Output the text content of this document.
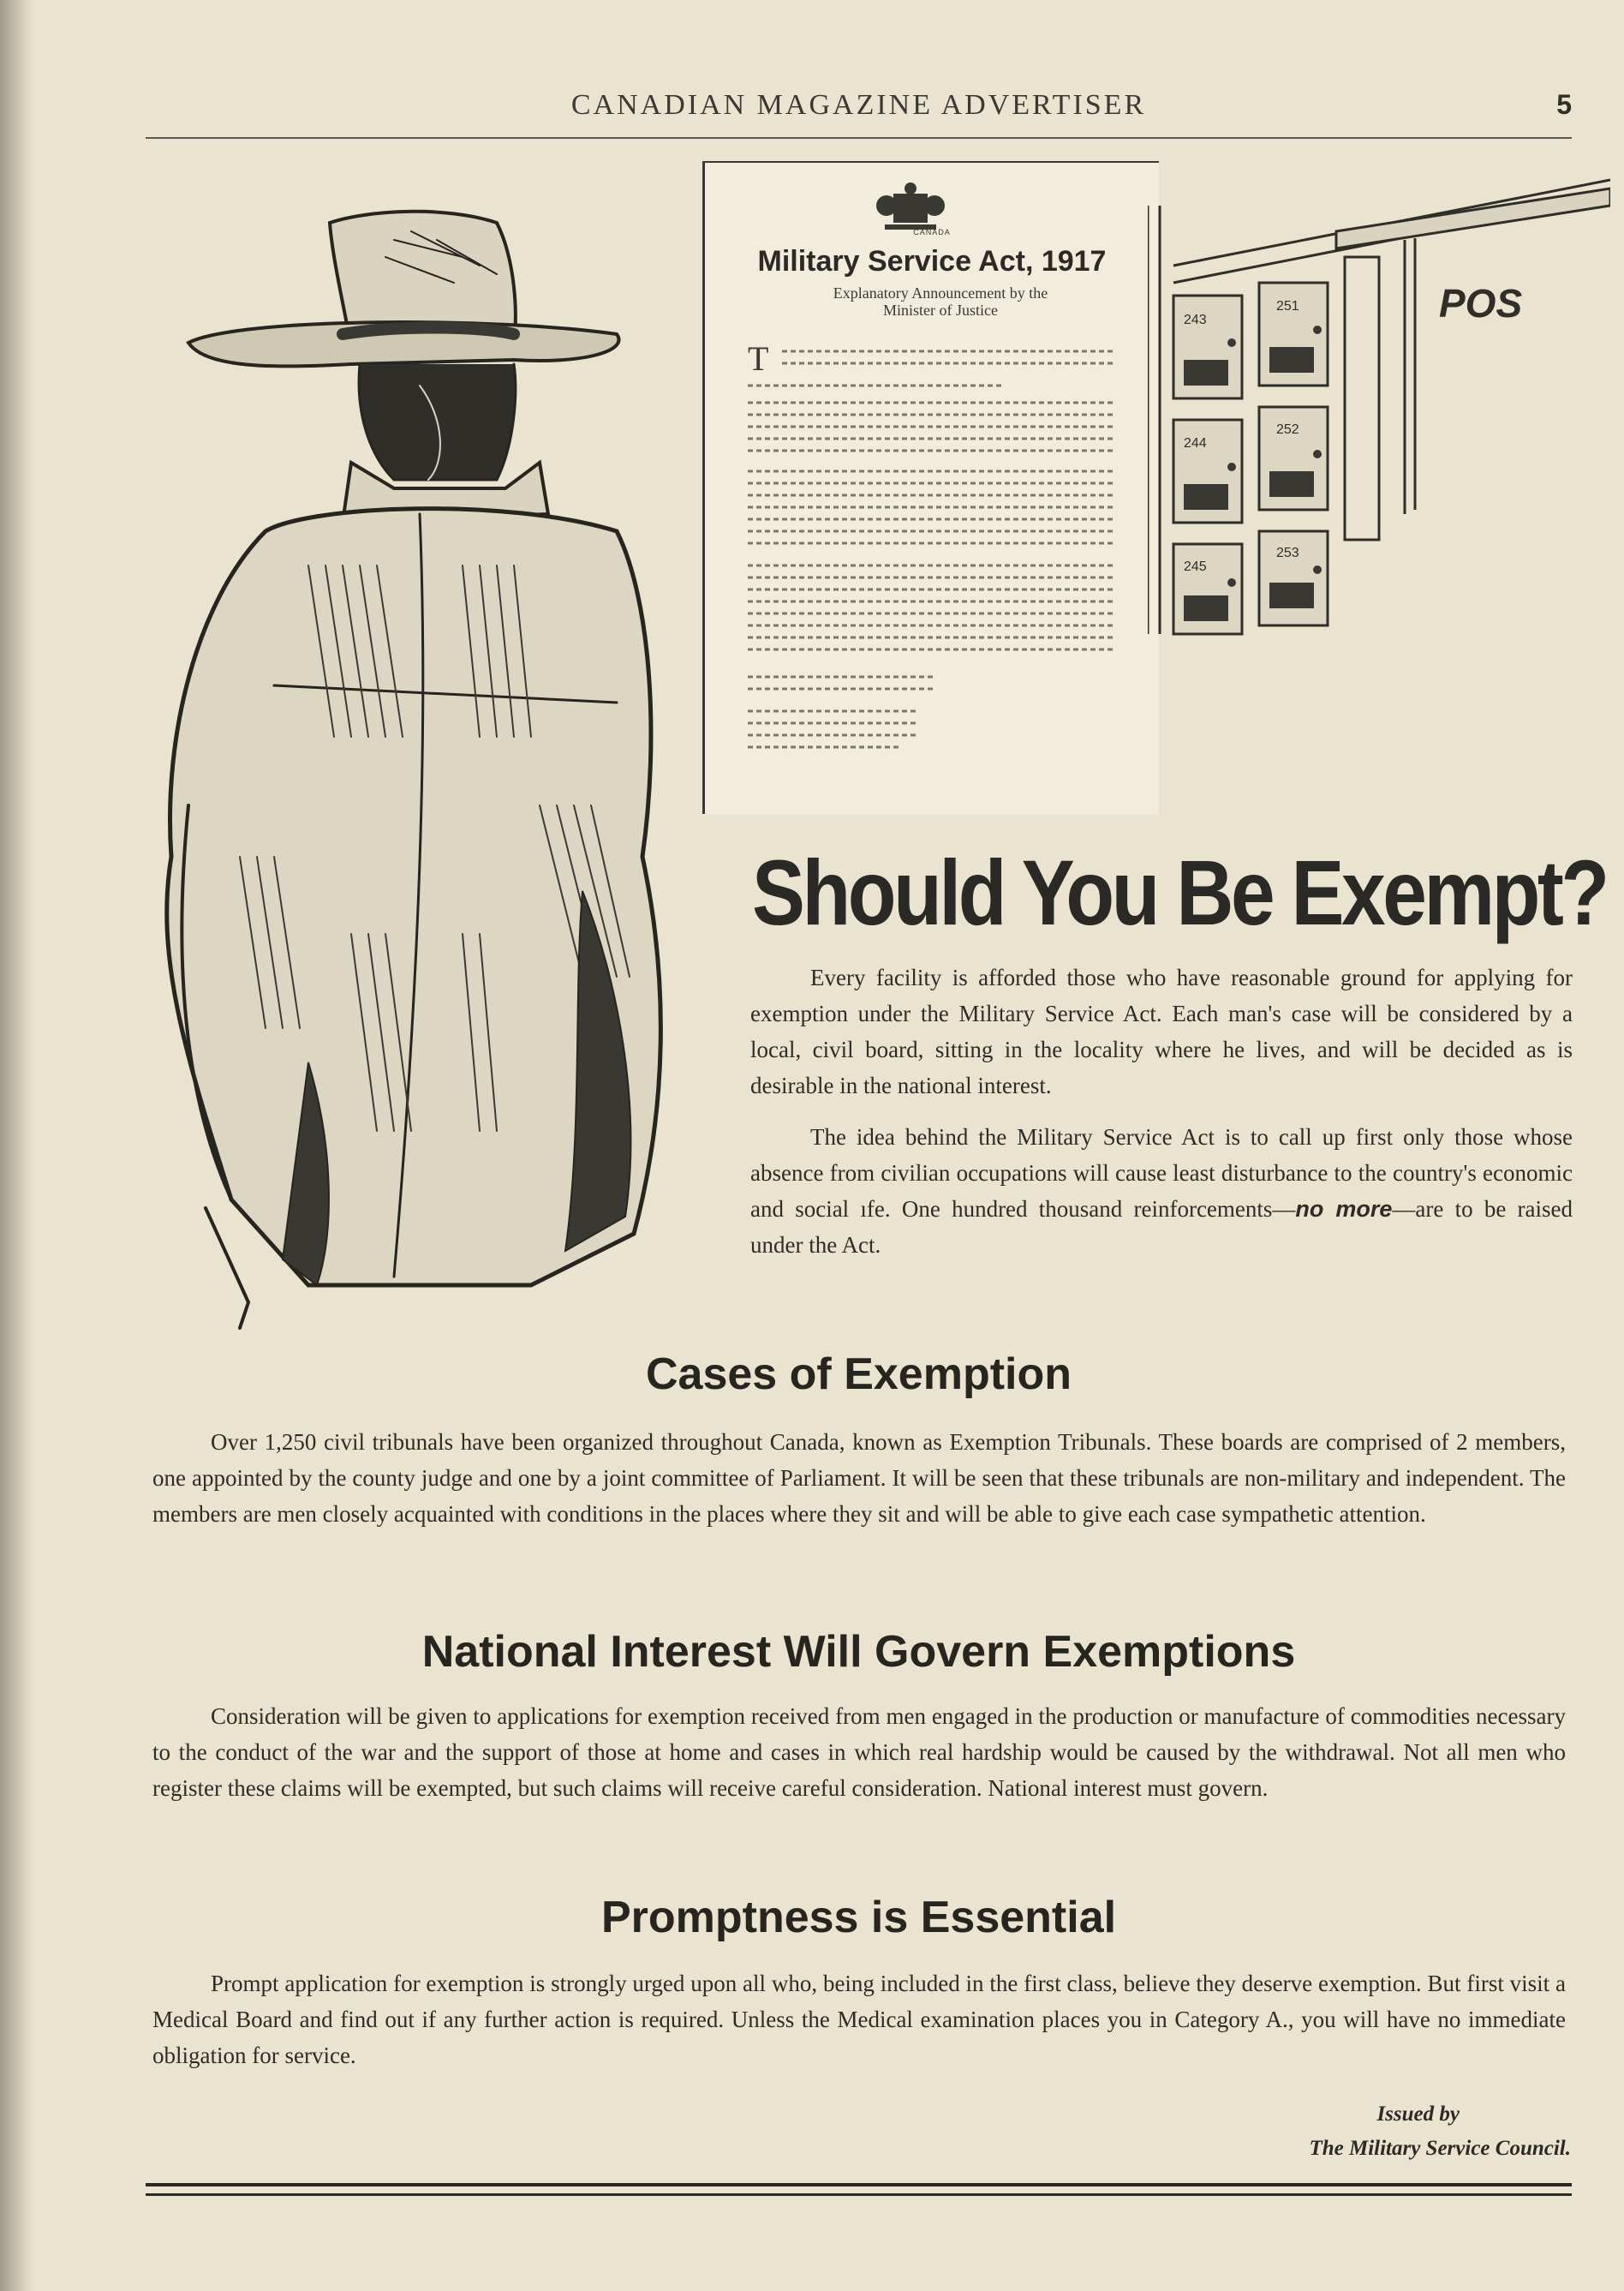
CANADIAN MAGAZINE ADVERTISER	5
CANADA
Military Service Act, 1917
Explanatory Announcement by the
Minister of Justice
T
243
251
244
252
245
253
POS
Should You Be Exempt?

Every facility is afforded those who have reasonable ground for applying for exemption under the Military Service Act. Each man's case will be considered by a local, civil board, sitting in the locality where he lives, and will be decided as is desirable in the national interest.

The idea behind the Military Service Act is to call up first only those whose absence from civilian occupations will cause least disturbance to the country's economic and social ıfe. One hundred thousand reinforcements—no more—are to be raised under the Act.

Cases of Exemption

Over 1,250 civil tribunals have been organized throughout Canada, known as Exemption Tribunals. These boards are comprised of 2 members, one appointed by the county judge and one by a joint committee of Parliament. It will be seen that these tribunals are non-military and independent. The members are men closely acquainted with conditions in the places where they sit and will be able to give each case sympathetic attention.

National Interest Will Govern Exemptions

Consideration will be given to applications for exemption received from men engaged in the production or manufacture of commodities necessary to the conduct of the war and the support of those at home and cases in which real hardship would be caused by the withdrawal. Not all men who register these claims will be exempted, but such claims will receive careful consideration. National interest must govern.

Promptness is Essential

Prompt application for exemption is strongly urged upon all who, being included in the first class, believe they deserve exemption. But first visit a Medical Board and find out if any further action is required. Unless the Medical examination places you in Category A., you will have no immediate obligation for service.

Issued by
The Military Service Council.
